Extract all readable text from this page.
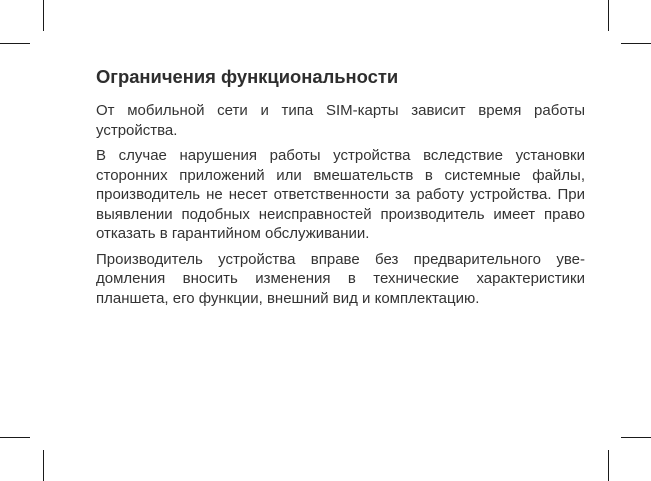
Ограничения функциональности

От мобильной сети и типа SIM-карты зависит время работы устройства.

В случае нарушения работы устройства вследствие установки сторонних приложений или вмешательств в системные файлы, производитель не несет ответственности за работу устройства. При выявлении подобных неисправностей производитель имеет право отказать в гарантийном обслуживании.

Производитель устройства вправе без предварительного уве-домления вносить изменения в технические характеристики планшета, его функции, внешний вид и комплектацию.
